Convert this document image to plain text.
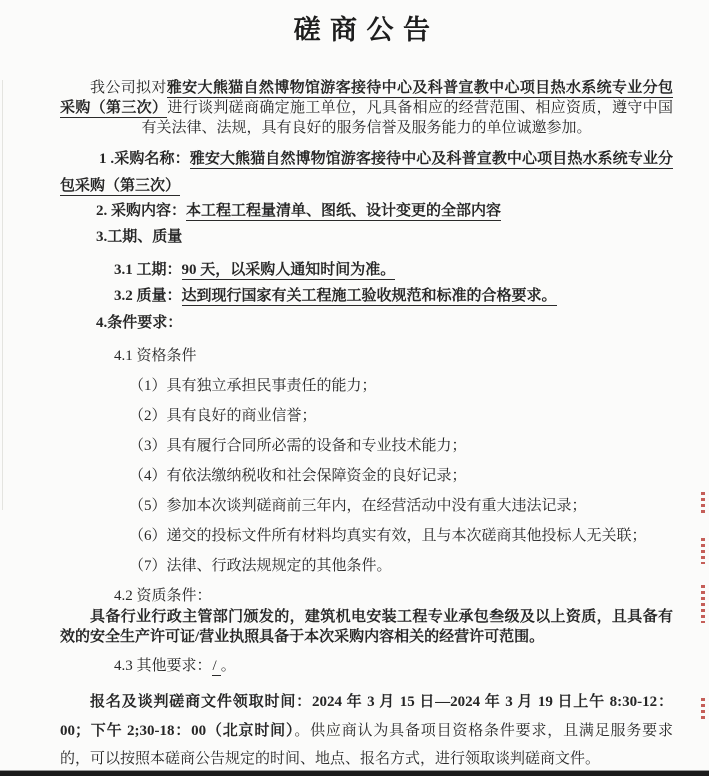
磋商公告

我公司拟对雅安大熊猫自然博物馆游客接待中心及科普宣教中心项目热水系统专业分包采购（第三次）进行谈判磋商确定施工单位，凡具备相应的经营范围、相应资质，遵守中国有关法律、法规，具有良好的服务信誉及服务能力的单位诚邀参加。

1 .采购名称：雅安大熊猫自然博物馆游客接待中心及科普宣教中心项目热水系统专业分包采购（第三次）

2. 采购内容：本工程工程量清单、图纸、设计变更的全部内容

3.工期、质量

3.1 工期：90 天，以采购人通知时间为准。

3.2 质量：达到现行国家有关工程施工验收规范和标准的合格要求。

4.条件要求：

4.1 资格条件

（1）具有独立承担民事责任的能力；

（2）具有良好的商业信誉；

（3）具有履行合同所必需的设备和专业技术能力；

（4）有依法缴纳税收和社会保障资金的良好记录；

（5）参加本次谈判磋商前三年内，在经营活动中没有重大违法记录；

（6）递交的投标文件所有材料均真实有效，且与本次磋商其他投标人无关联；

（7）法律、行政法规规定的其他条件。

4.2 资质条件：

具备行业行政主管部门颁发的，建筑机电安装工程专业承包叁级及以上资质，且具备有效的安全生产许可证/营业执照具备于本次采购内容相关的经营许可范围。

4.3 其他要求：/ 。

报名及谈判磋商文件领取时间：2024 年 3 月 15 日—2024 年 3 月 19 日上午 8:30-12：00；下午 2;30-18：00（北京时间）。供应商认为具备项目资格条件要求，且满足服务要求的，可以按照本磋商公告规定的时间、地点、报名方式，进行领取谈判磋商文件。
